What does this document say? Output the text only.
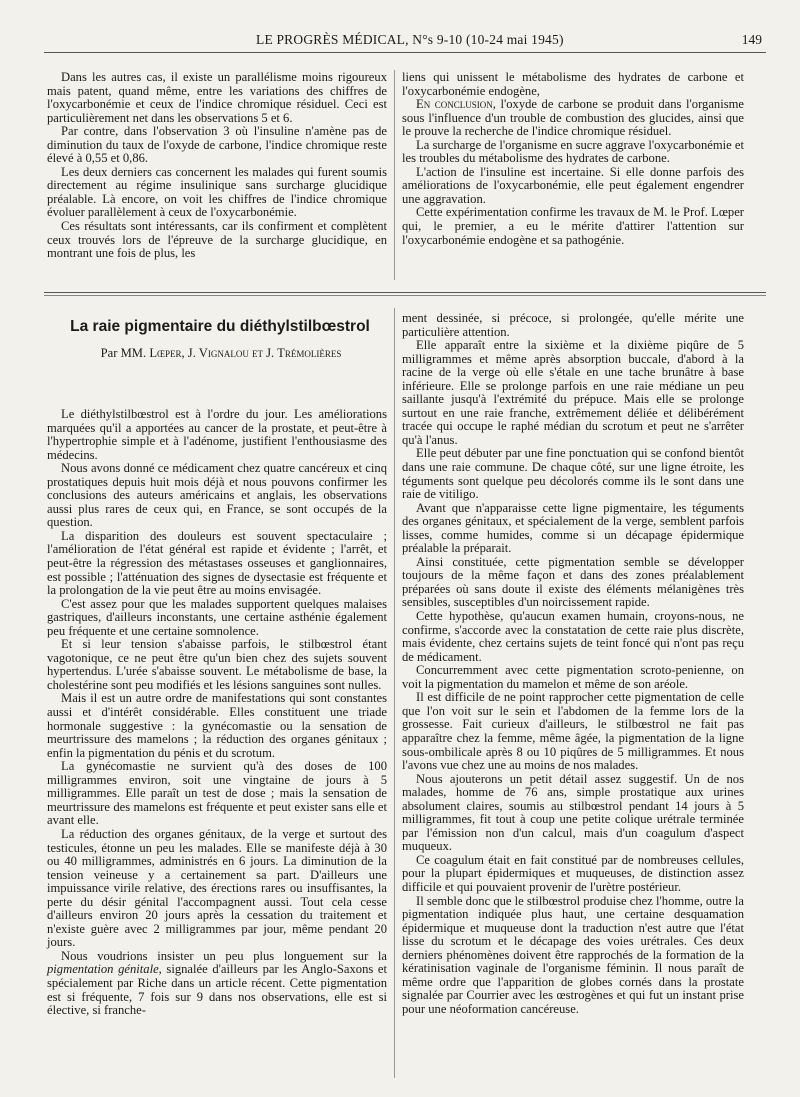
LE PROGRÈS MÉDICAL, N°s 9-10 (10-24 mai 1945)	149

Dans les autres cas, il existe un parallélisme moins rigoureux mais patent, quand même, entre les variations des chiffres de l'oxycarbonémie et ceux de l'indice chromique résiduel. Ceci est particulièrement net dans les observations 5 et 6.

Par contre, dans l'observation 3 où l'insuline n'amène pas de diminution du taux de l'oxyde de carbone, l'indice chromique reste élevé à 0,55 et 0,86.

Les deux derniers cas concernent les malades qui furent soumis directement au régime insulinique sans surcharge glucidique préalable. Là encore, on voit les chiffres de l'indice chromique évoluer parallèlement à ceux de l'oxycarbonémie.

Ces résultats sont intéressants, car ils confirment et complètent ceux trouvés lors de l'épreuve de la surcharge glucidique, en montrant une fois de plus, les

liens qui unissent le métabolisme des hydrates de carbone et l'oxycarbonémie endogène,

En conclusion, l'oxyde de carbone se produit dans l'organisme sous l'influence d'un trouble de combustion des glucides, ainsi que le prouve la recherche de l'indice chromique résiduel.

La surcharge de l'organisme en sucre aggrave l'oxycarbonémie et les troubles du métabolisme des hydrates de carbone.

L'action de l'insuline est incertaine. Si elle donne parfois des améliorations de l'oxycarbonémie, elle peut également engendrer une aggravation.

Cette expérimentation confirme les travaux de M. le Prof. Lœper qui, le premier, a eu le mérite d'attirer l'attention sur l'oxycarbonémie endogène et sa pathogénie.

La raie pigmentaire du diéthylstilbœstrol
Par MM. Lœper, J. Vignalou et J. Trémolières

Le diéthylstilbœstrol est à l'ordre du jour. Les améliorations marquées qu'il a apportées au cancer de la prostate, et peut-être à l'hypertrophie simple et à l'adénome, justifient l'enthousiasme des médecins.

Nous avons donné ce médicament chez quatre cancéreux et cinq prostatiques depuis huit mois déjà et nous pouvons confirmer les conclusions des auteurs américains et anglais, les observations aussi plus rares de ceux qui, en France, se sont occupés de la question.

La disparition des douleurs est souvent spectaculaire ; l'amélioration de l'état général est rapide et évidente ; l'arrêt, et peut-être la régression des métastases osseuses et ganglionnaires, est possible ; l'atténuation des signes de dysectasie est fréquente et la prolongation de la vie peut être au moins envisagée.

C'est assez pour que les malades supportent quelques malaises gastriques, d'ailleurs inconstants, une certaine asthénie également peu fréquente et une certaine somnolence.

Et si leur tension s'abaisse parfois, le stilbœstrol étant vagotonique, ce ne peut être qu'un bien chez des sujets souvent hypertendus. L'urée s'abaisse souvent. Le métabolisme de base, la cholestérine sont peu modifiés et les lésions sanguines sont nulles.

Mais il est un autre ordre de manifestations qui sont constantes aussi et d'intérêt considérable. Elles constituent une triade hormonale suggestive : la gynécomastie ou la sensation de meurtrissure des mamelons ; la réduction des organes génitaux ; enfin la pigmentation du pénis et du scrotum.

La gynécomastie ne survient qu'à des doses de 100 milligrammes environ, soit une vingtaine de jours à 5 milligrammes. Elle paraît un test de dose ; mais la sensation de meurtrissure des mamelons est fréquente et peut exister sans elle et avant elle.

La réduction des organes génitaux, de la verge et surtout des testicules, étonne un peu les malades. Elle se manifeste déjà à 30 ou 40 milligrammes, administrés en 6 jours. La diminution de la tension veineuse y a certainement sa part. D'ailleurs une impuissance virile relative, des érections rares ou insuffisantes, la perte du désir génital l'accompagnent aussi. Tout cela cesse d'ailleurs environ 20 jours après la cessation du traitement et n'existe guère avec 2 milligrammes par jour, même pendant 20 jours.

Nous voudrions insister un peu plus longuement sur la pigmentation génitale, signalée d'ailleurs par les Anglo-Saxons et spécialement par Riche dans un article récent. Cette pigmentation est si fréquente, 7 fois sur 9 dans nos observations, elle est si élective, si franche-

ment dessinée, si précoce, si prolongée, qu'elle mérite une particulière attention.

Elle apparaît entre la sixième et la dixième piqûre de 5 milligrammes et même après absorption buccale, d'abord à la racine de la verge où elle s'étale en une tache brunâtre à base inférieure. Elle se prolonge parfois en une raie médiane un peu saillante jusqu'à l'extrémité du prépuce. Mais elle se prolonge surtout en une raie franche, extrêmement déliée et délibérément tracée qui occupe le raphé médian du scrotum et peut ne s'arrêter qu'à l'anus.

Elle peut débuter par une fine ponctuation qui se confond bientôt dans une raie commune. De chaque côté, sur une ligne étroite, les téguments sont quelque peu décolorés comme ils le sont dans une raie de vitiligo.

Avant que n'apparaisse cette ligne pigmentaire, les téguments des organes génitaux, et spécialement de la verge, semblent parfois lisses, comme humides, comme si un décapage épidermique préalable la préparait.

Ainsi constituée, cette pigmentation semble se développer toujours de la même façon et dans des zones préalablement préparées où sans doute il existe des éléments mélanigènes très sensibles, susceptibles d'un noircissement rapide.

Cette hypothèse, qu'aucun examen humain, croyons-nous, ne confirme, s'accorde avec la constatation de cette raie plus discrète, mais évidente, chez certains sujets de teint foncé qui n'ont pas reçu de médicament.

Concurremment avec cette pigmentation scroto-penienne, on voit la pigmentation du mamelon et même de son aréole.

Il est difficile de ne point rapprocher cette pigmentation de celle que l'on voit sur le sein et l'abdomen de la femme lors de la grossesse. Fait curieux d'ailleurs, le stilbœstrol ne fait pas apparaître chez la femme, même âgée, la pigmentation de la ligne sous-ombilicale après 8 ou 10 piqûres de 5 milligrammes. Et nous l'avons vue chez une au moins de nos malades.

Nous ajouterons un petit détail assez suggestif. Un de nos malades, homme de 76 ans, simple prostatique aux urines absolument claires, soumis au stilbœstrol pendant 14 jours à 5 milligrammes, fit tout à coup une petite colique urétrale terminée par l'émission non d'un calcul, mais d'un coagulum d'aspect muqueux.

Ce coagulum était en fait constitué par de nombreuses cellules, pour la plupart épidermiques et muqueuses, de distinction assez difficile et qui pouvaient provenir de l'urètre postérieur.

Il semble donc que le stilbœstrol produise chez l'homme, outre la pigmentation indiquée plus haut, une certaine desquamation épidermique et muqueuse dont la traduction n'est autre que l'état lisse du scrotum et le décapage des voies urétrales. Ces deux derniers phénomènes doivent être rapprochés de la formation de la kératinisation vaginale de l'organisme féminin. Il nous paraît de même ordre que l'apparition de globes cornés dans la prostate signalée par Courrier avec les œstrogènes et qui fut un instant prise pour une néoformation cancéreuse.
